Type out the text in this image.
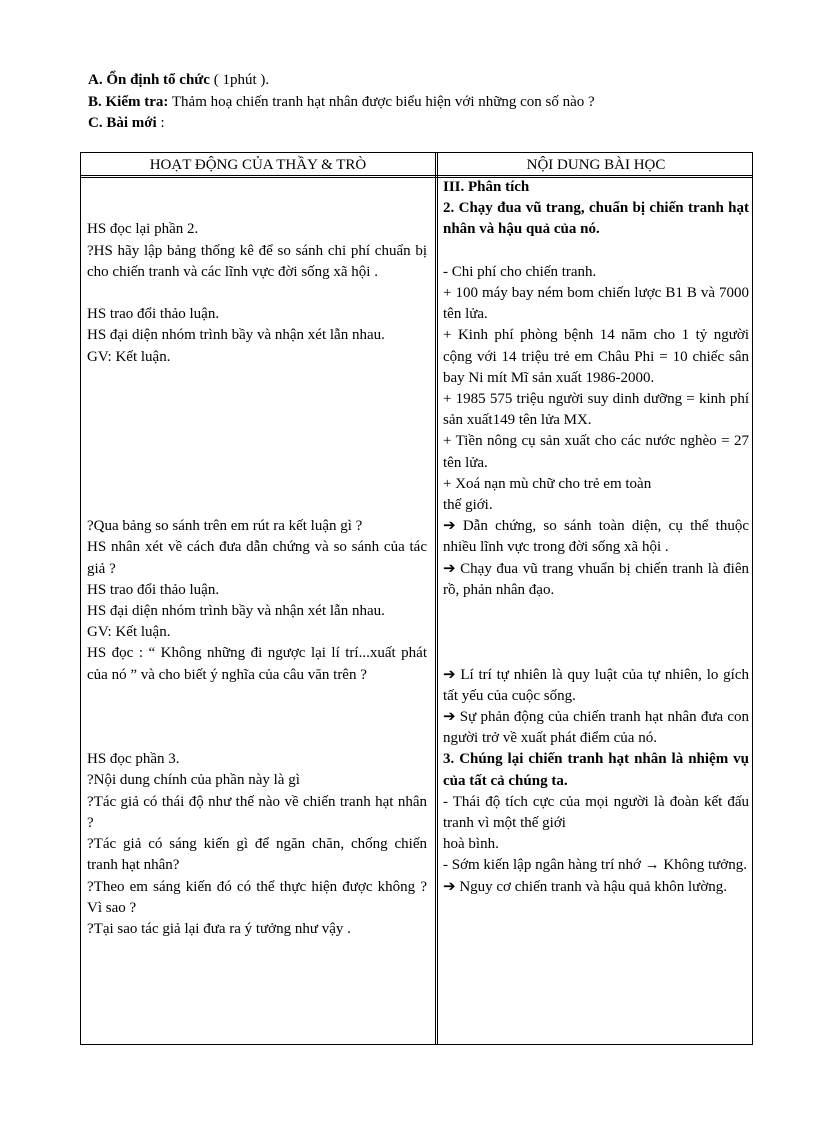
A. Ổn định tổ chức ( 1phút ).
B. Kiểm tra: Thảm hoạ chiến tranh hạt nhân được biểu hiện với những con số nào ?
C. Bài mới :
HOẠT ĐỘNG CỦA THẦY & TRÒ	NỘI DUNG BÀI HỌC

HS đọc lại phần 2.

?HS hãy lập bảng thống kê để so sánh chi phí chuẩn bị cho chiến tranh và các lĩnh vực đời sống xã hội .

HS trao đổi thảo luận.

HS đại diện nhóm trình bầy và nhận xét lẫn nhau.

GV: Kết luận.

?Qua bảng so sánh trên em rút ra kết luận gì ?

HS nhân xét về cách đưa dẫn chứng và so sánh của tác giả ?

HS trao đổi thảo luận.

HS đại diện nhóm trình bầy và nhận xét lẫn nhau.

GV: Kết luận.

HS đọc : “ Không những đi ngược lại lí trí...xuất phát của nó ” và cho biết ý nghĩa của câu văn trên ?

HS đọc phần 3.

?Nội dung chính của phần này là gì

?Tác giả có thái độ như thế nào về chiến tranh hạt nhân ?

?Tác giả có sáng kiến gì để ngăn chăn, chống chiến tranh hạt nhân?

?Theo em sáng kiến đó có thể thực hiện được không ? Vì sao ?

?Tại sao tác giả lại đưa ra ý tưởng như vậy .

III. Phân tích

2. Chạy đua vũ trang, chuẩn bị chiến tranh hạt nhân và hậu quả của nó.

- Chi phí cho chiến tranh.

+ 100 máy bay ném bom chiến lược B1 B và 7000 tên lửa.

+ Kinh phí phòng bệnh 14 năm cho 1 tỷ người cộng với 14 triệu trẻ em Châu Phi = 10 chiếc sân bay Ni mít Mĩ sản xuất 1986-2000.

+ 1985 575 triệu người suy dinh dưỡng = kinh phí sản xuất149 tên lửa MX.

+ Tiền nông cụ sản xuất cho các nước nghèo = 27 tên lửa.

+ Xoá nạn mù chữ cho trẻ em toàn

thế giới.

➔ Dẫn chứng, so sánh toàn diện, cụ thể thuộc nhiều lĩnh vực trong đời sống xã hội .

➔ Chạy đua vũ trang vhuẩn bị chiến tranh là điên rồ, phản nhân đạo.

➔ Lí trí tự nhiên là quy luật của tự nhiên, lo gích tất yếu của cuộc sống.

➔ Sự phản động của chiến tranh hạt nhân đưa con người trở về xuất phát điểm của nó.

3. Chúng lại chiến tranh hạt nhân là nhiệm vụ của tất cả chúng ta.

- Thái độ tích cực của mọi người là đoàn kết đấu tranh vì một thế giới

hoà bình.

- Sớm kiến lập ngân hàng trí nhớ → Không tưởng.

➔ Nguy cơ chiến tranh và hậu quả khôn lường.
